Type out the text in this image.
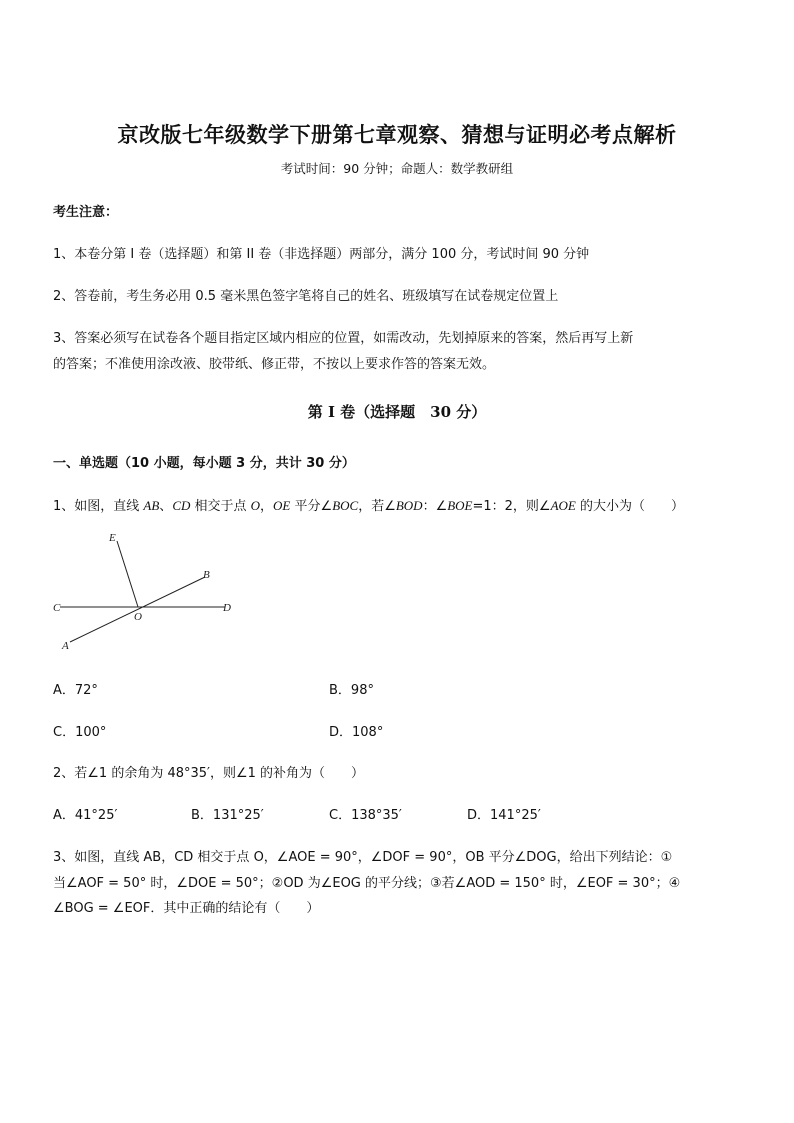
京改版七年级数学下册第七章观察、猜想与证明必考点解析
考试时间：90 分钟；命题人：数学教研组
考生注意：
1、本卷分第 I 卷（选择题）和第 II 卷（非选择题）两部分，满分 100 分，考试时间 90 分钟
2、答卷前，考生务必用 0.5 毫米黑色签字笔将自己的姓名、班级填写在试卷规定位置上
3、答案必须写在试卷各个题目指定区域内相应的位置，如需改动，先划掉原来的答案，然后再写上新
的答案；不准使用涂改液、胶带纸、修正带，不按以上要求作答的答案无效。
第 I 卷（选择题　30 分）
一、单选题（10 小题，每小题 3 分，共计 30 分）
1、如图，直线 AB、CD 相交于点 O，OE 平分∠BOC，若∠BOD：∠BOE=1：2，则∠AOE 的大小为（　　）
E
B
C
O
D
A
A．72°	B．98°
C．100°	D．108°
2、若∠1 的余角为 48°35′，则∠1 的补角为（　　）
A．41°25′	B．131°25′	C．138°35′	D．141°25′
3、如图，直线 AB，CD 相交于点 O，∠AOE = 90°，∠DOF = 90°，OB 平分∠DOG，给出下列结论：①
当∠AOF = 50° 时，∠DOE = 50°；②OD 为∠EOG 的平分线；③若∠AOD = 150° 时，∠EOF = 30°；④
∠BOG = ∠EOF．其中正确的结论有（　　）
